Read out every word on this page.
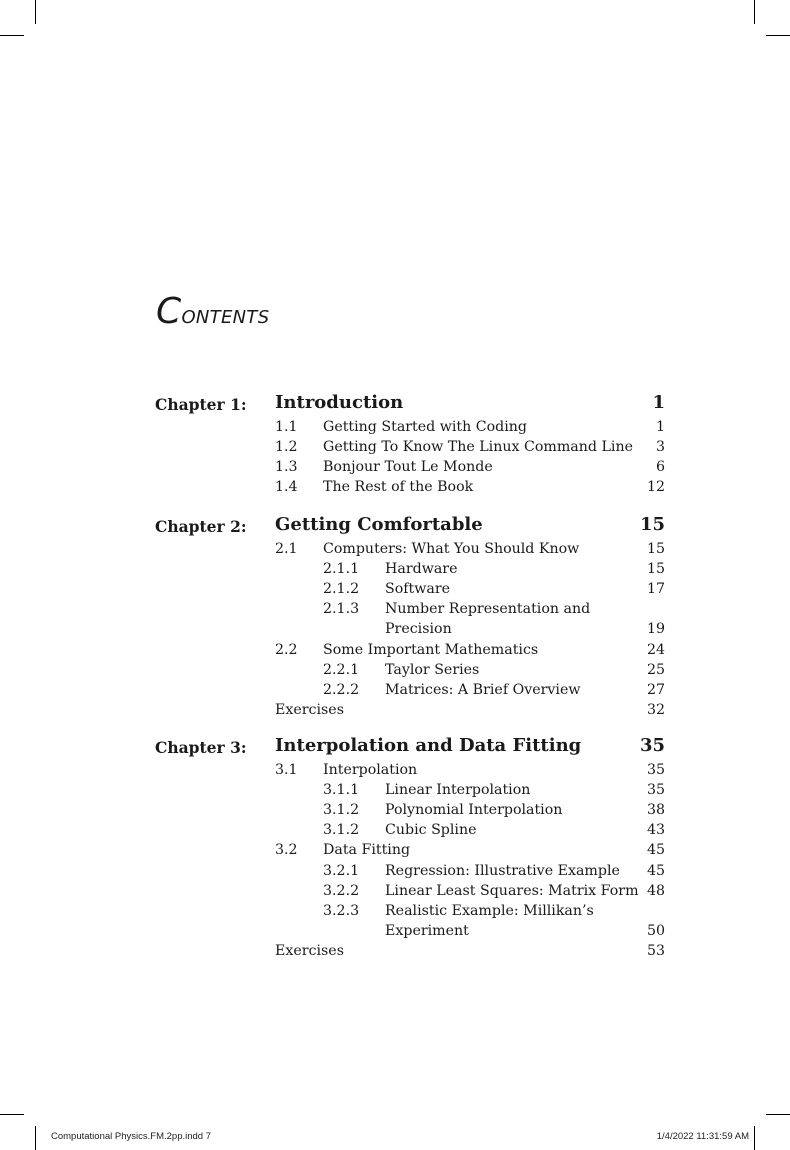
Contents
Chapter 1: Introduction	1
1.1 Getting Started with Coding	1
1.2 Getting To Know The Linux Command Line 3
1.3 Bonjour Tout Le Monde	6
1.4 The Rest of the Book	12
Chapter 2: Getting Comfortable	15
2.1 Computers: What You Should Know	15
2.1.1 Hardware	15
2.1.2 Software	17
2.1.3 Number Representation and
Precision	19
2.2 Some Important Mathematics	24
2.2.1 Taylor Series	25
2.2.2 Matrices: A Brief Overview	27
Exercises	32
Chapter 3: Interpolation and Data Fitting	35
3.1 Interpolation	35
3.1.1 Linear Interpolation	35
3.1.2 Polynomial Interpolation	38
3.1.2 Cubic Spline	43
3.2 Data Fitting	45
3.2.1 Regression: Illustrative Example 45
3.2.2 Linear Least Squares: Matrix Form 48
3.2.3 Realistic Example: Millikan’s
Experiment	50
Exercises	53
Computational Physics.FM.2pp.indd 7	1/4/2022 11:31:59 AM
